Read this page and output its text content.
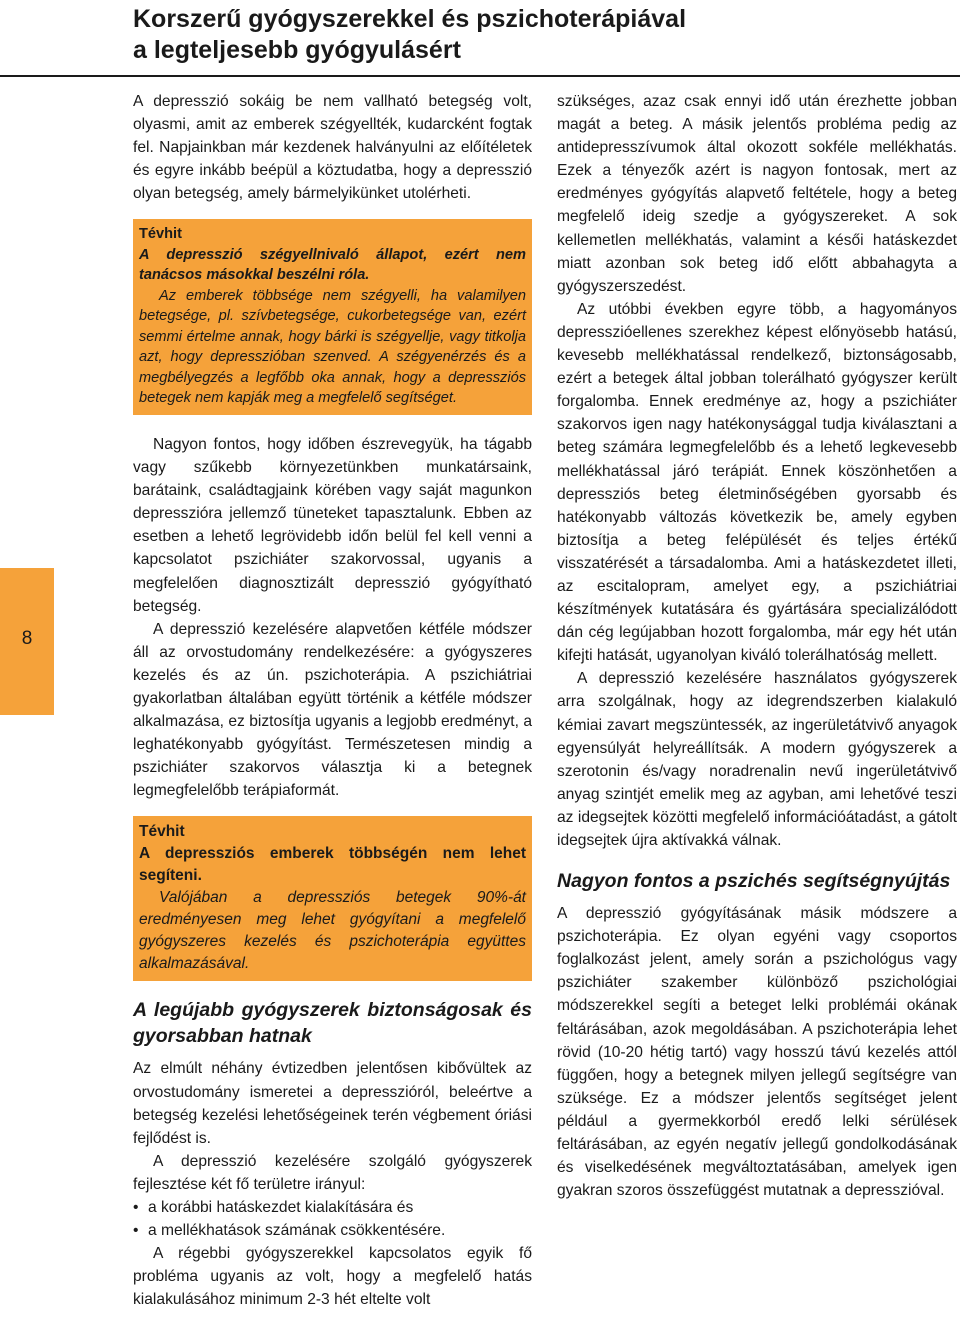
Korszerű gyógyszerekkel és pszichoterápiával
a legteljesebb gyógyulásért
8

A depresszió sokáig be nem vallható betegség volt, olyasmi, amit az emberek szégyellték, kudarcként fogtak fel. Napjainkban már kezdenek halványulni az előítéletek és egyre inkább beépül a köztudatba, hogy a depresszió olyan betegség, amely bármelyikünket utolérheti.

Tévhit

A depresszió szégyellnivaló állapot, ezért nem tanácsos másokkal beszélni róla.

Az emberek többsége nem szégyelli, ha valamilyen betegsége, pl. szívbetegsége, cukorbetegsége van, ezért semmi értelme annak, hogy bárki is szégyellje, vagy titkolja azt, hogy depresszióban szenved. A szégyenérzés és a megbélyegzés a legfőbb oka annak, hogy a depressziós betegek nem kapják meg a megfelelő segítséget.

Nagyon fontos, hogy időben észrevegyük, ha tágabb vagy szűkebb környezetünkben munkatársaink, barátaink, családtagjaink körében vagy saját magunkon depresszióra jellemző tüneteket tapasztalunk. Ebben az esetben a lehető legrövidebb időn belül fel kell venni a kapcsolatot pszichiáter szakorvossal, ugyanis a megfelelően diagnosztizált depresszió gyógyítható betegség.

A depresszió kezelésére alapvetően kétféle módszer áll az orvostudomány rendelkezésére: a gyógyszeres kezelés és az ún. pszichoterápia. A pszichiátriai gyakorlatban általában együtt történik a kétféle módszer alkalmazása, ez biztosítja ugyanis a legjobb eredményt, a leghatékonyabb gyógyítást. Természetesen mindig a pszichiáter szakorvos választja ki a betegnek legmegfelelőbb terápiaformát.

Tévhit

A depressziós emberek többségén nem lehet segíteni.

Valójában a depressziós betegek 90%-át eredményesen meg lehet gyógyítani a megfelelő gyógyszeres kezelés és pszichoterápia együttes alkalmazásával.

A legújabb gyógyszerek biztonságosak és gyorsabban hatnak

Az elmúlt néhány évtizedben jelentősen kibővültek az orvostudomány ismeretei a depresszióról, beleértve a betegség kezelési lehetőségeinek terén végbement óriási fejlődést is.

A depresszió kezelésére szolgáló gyógyszerek fejlesztése két fő területre irányul:

• a korábbi hatáskezdet kialakítására és
• a mellékhatások számának csökkentésére.

A régebbi gyógyszerekkel kapcsolatos egyik fő probléma ugyanis az volt, hogy a megfelelő hatás kialakulásához minimum 2-3 hét eltelte volt

szükséges, azaz csak ennyi idő után érezhette jobban magát a beteg. A másik jelentős probléma pedig az antidepresszívumok által okozott sokféle mellékhatás. Ezek a tényezők azért is nagyon fontosak, mert az eredményes gyógyítás alapvető feltétele, hogy a beteg megfelelő ideig szedje a gyógyszereket. A sok kellemetlen mellékhatás, valamint a késői hatáskezdet miatt azonban sok beteg idő előtt abbahagyta a gyógyszerszedést.

Az utóbbi években egyre több, a hagyományos depresszióellenes szerekhez képest előnyösebb hatású, kevesebb mellékhatással rendelkező, biztonságosabb, ezért a betegek által jobban tolerálható gyógyszer került forgalomba. Ennek eredménye az, hogy a pszichiáter szakorvos igen nagy hatékonysággal tudja kiválasztani a beteg számára legmegfelelőbb és a lehető legkevesebb mellékhatással járó terápiát. Ennek köszönhetően a depressziós beteg életminőségében gyorsabb és hatékonyabb változás következik be, amely egyben biztosítja a beteg felépülését és teljes értékű visszatérését a társadalomba. Ami a hatáskezdetet illeti, az escitalopram, amelyet egy, a pszichiátriai készítmények kutatására és gyártására specializálódott dán cég legújabban hozott forgalomba, már egy hét után kifejti hatását, ugyanolyan kiváló tolerálhatóság mellett.

A depresszió kezelésére használatos gyógyszerek arra szolgálnak, hogy az idegrendszerben kialakuló kémiai zavart megszüntessék, az ingerületátvivő anyagok egyensúlyát helyreállítsák. A modern gyógyszerek a szerotonin és/vagy noradrenalin nevű ingerületátvivő anyag szintjét emelik meg az agyban, ami lehetővé teszi az idegsejtek közötti megfelelő információátadást, a gátolt idegsejtek újra aktívakká válnak.

Nagyon fontos a pszichés segítségnyújtás

A depresszió gyógyításának másik módszere a pszichoterápia. Ez olyan egyéni vagy csoportos foglalkozást jelent, amely során a pszichológus vagy pszichiáter szakember különböző pszichológiai módszerekkel segíti a beteget lelki problémái okának feltárásában, azok megoldásában. A pszichoterápia lehet rövid (10-20 hétig tartó) vagy hosszú távú kezelés attól függően, hogy a betegnek milyen jellegű segítségre van szüksége. Ez a módszer jelentős segítséget jelent például a gyermekkorból eredő lelki sérülések feltárásában, az egyén negatív jellegű gondolkodásának és viselkedésének megváltoztatásában, amelyek igen gyakran szoros összefüggést mutatnak a depresszióval.
